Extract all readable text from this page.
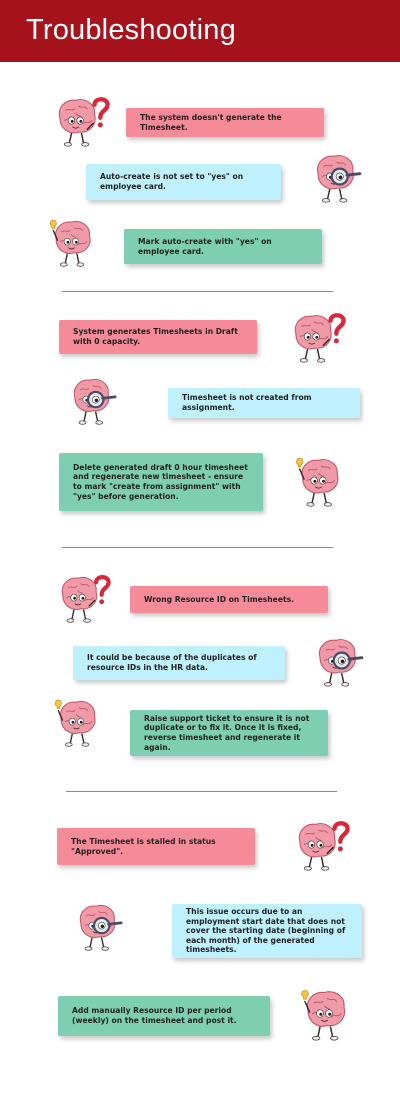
Troubleshooting
The system doesn't generate the Timesheet.
Auto-create is not set to "yes" on employee card.
Mark auto-create with "yes" on employee card.
System generates Timesheets in Draft with 0 capacity.
Timesheet is not created from assignment.
Delete generated draft 0 hour timesheet and regenerate new timesheet - ensure to mark "create from assignment" with "yes" before generation.
Wrong Resource ID on Timesheets.
It could be because of the duplicates of resource IDs in the HR data.
Raise support ticket to ensure it is not duplicate or to fix it. Once it is fixed, reverse timesheet and regenerate it again.
The Timesheet is stalled in status "Approved".
This issue occurs due to an employment start date that does not cover the starting date (beginning of each month) of the generated timesheets.
Add manually Resource ID per period (weekly) on the timesheet and post it.
